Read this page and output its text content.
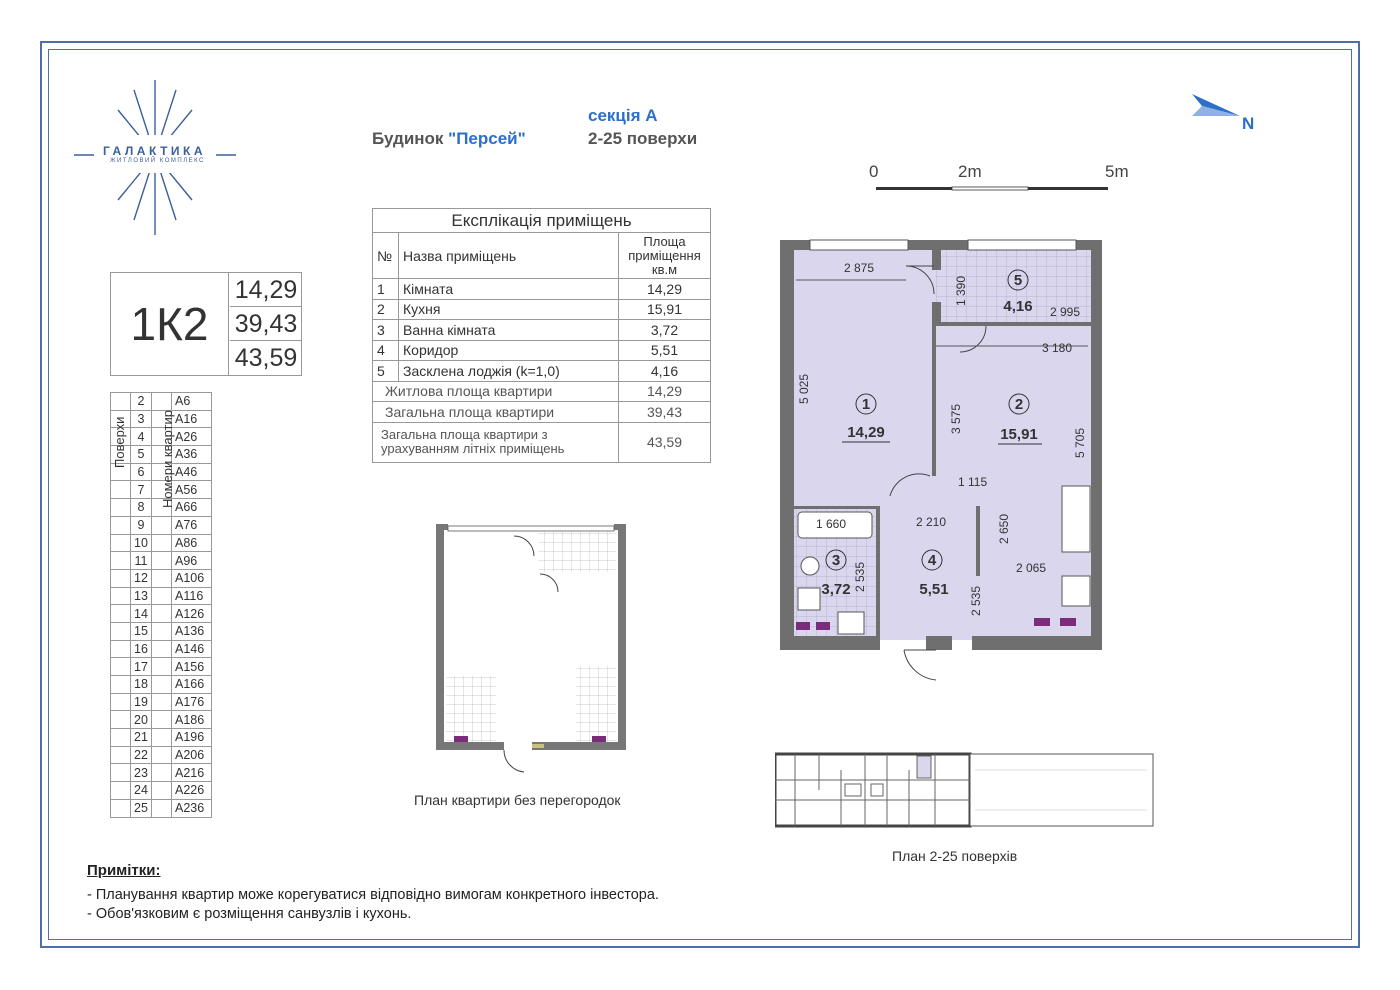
ГАЛАКТИКА
ЖИТЛОВИЙ КОМПЛЕКС
Будинок "Персей"
секція А
2-25 поверхи
N
0	2m	5m
1К2
14,29
39,43
43,59
	2		А6
	3		А16
	4		А26
	5		А36
	6		А46
	7		А56
	8		А66
	9		А76
	10		А86
	11		А96
	12		А106
	13		А116
	14		А126
	15		А136
	16		А146
	17		А156
	18		А166
	19		А176
	20		А186
	21		А196
	22		А206
	23		А216
	24		А226
	25		А236
Поверхи	Номери квартир
Експлікація приміщень		
№	Назва приміщень	Площа приміщення кв.м
1	Кімната	14,29
2	Кухня	15,91
3	Ванна кімната	3,72
4	Коридор	5,51
5	Засклена лоджія (k=1,0)	4,16
Житлова площа квартири		14,29
Загальна площа квартири		39,43
Загальна площа квартири з урахуванням літніх приміщень		43,59
1
14,29
2
15,91
3
3,72
4
5,51
5
4,16
2 875
1 390
2 995
3 180
5 025
3 575
5 705
1 115
1 660	2 210	2 650
2 535
2 535
2 065
План квартири без перегородок
План 2-25 поверхів
Примітки:
- Планування квартир може корегуватися відповідно вимогам конкретного інвестора.
- Обов'язковим є розміщення санвузлів і кухонь.
